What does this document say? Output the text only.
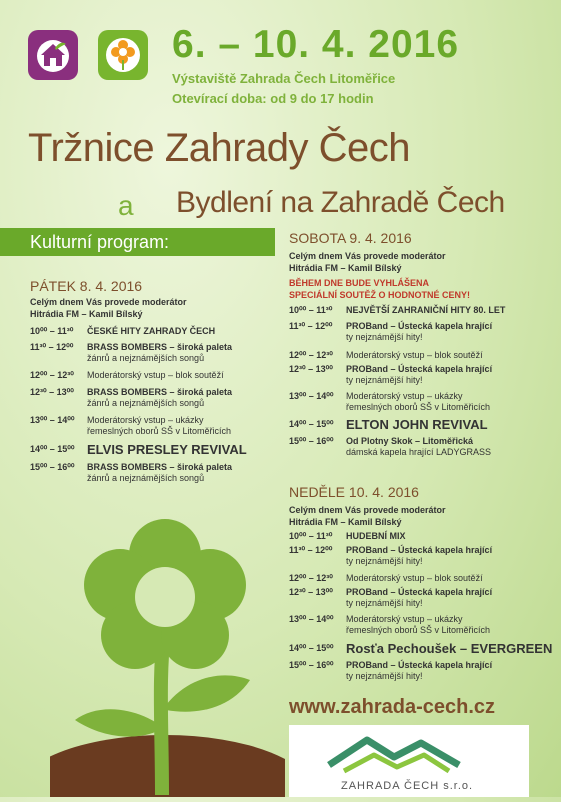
6. – 10. 4. 2016
Výstaviště Zahrada Čech Litoměřice
Otevírací doba: od 9 do 17 hodin
Tržnice Zahrady Čech
a Bydlení na Zahradě Čech
Kulturní program:
PÁTEK 8. 4. 2016
Celým dnem Vás provede moderátor
Hitrádia FM – Kamil Bílský
10⁰⁰ – 11³⁰ ČESKÉ HITY ZAHRADY ČECH
11³⁰ – 12⁰⁰ BRASS BOMBERS – široká paleta
žánrů a nejznámějších songů
12⁰⁰ – 12³⁰ Moderátorský vstup – blok soutěží
12³⁰ – 13⁰⁰ BRASS BOMBERS – široká paleta
žánrů a nejznámějších songů
13⁰⁰ – 14⁰⁰ Moderátorský vstup – ukázky
řemeslných oborů SŠ v Litoměřicích
14⁰⁰ – 15⁰⁰ ELVIS PRESLEY REVIVAL
15⁰⁰ – 16⁰⁰ BRASS BOMBERS – široká paleta
žánrů a nejznámějších songů
SOBOTA 9. 4. 2016
Celým dnem Vás provede moderátor
Hitrádia FM – Kamil Bílský
BĚHEM DNE BUDE VYHLÁŠENA
SPECIÁLNÍ SOUTĚŽ O HODNOTNÉ CENY!
10⁰⁰ – 11³⁰ NEJVĚTŠÍ ZAHRANIČNÍ HITY 80. LET
11³⁰ – 12⁰⁰ PROBand – Ústecká kapela hrající
ty nejznámější hity!
12⁰⁰ – 12³⁰ Moderátorský vstup – blok soutěží
12³⁰ – 13⁰⁰ PROBand – Ústecká kapela hrající
ty nejznámější hity!
13⁰⁰ – 14⁰⁰ Moderátorský vstup – ukázky
řemeslných oborů SŠ v Litoměřicích
14⁰⁰ – 15⁰⁰ ELTON JOHN REVIVAL
15⁰⁰ – 16⁰⁰ Od Plotny Skok – Litoměřická
dámská kapela hrající LADYGRASS
NEDĚLE 10. 4. 2016
Celým dnem Vás provede moderátor
Hitrádia FM – Kamil Bílský
10⁰⁰ – 11³⁰ HUDEBNÍ MIX
11³⁰ – 12⁰⁰ PROBand – Ústecká kapela hrající
ty nejznámější hity!
12⁰⁰ – 12³⁰ Moderátorský vstup – blok soutěží
12³⁰ – 13⁰⁰ PROBand – Ústecká kapela hrající
ty nejznámější hity!
13⁰⁰ – 14⁰⁰ Moderátorský vstup – ukázky
řemeslných oborů SŠ v Litoměřicích
14⁰⁰ – 15⁰⁰ Rosťa Pechoušek – EVERGREEN
15⁰⁰ – 16⁰⁰ PROBand – Ústecká kapela hrající
ty nejznámější hity!
www.zahrada-cech.cz
ZAHRADA ČECH s.r.o.
